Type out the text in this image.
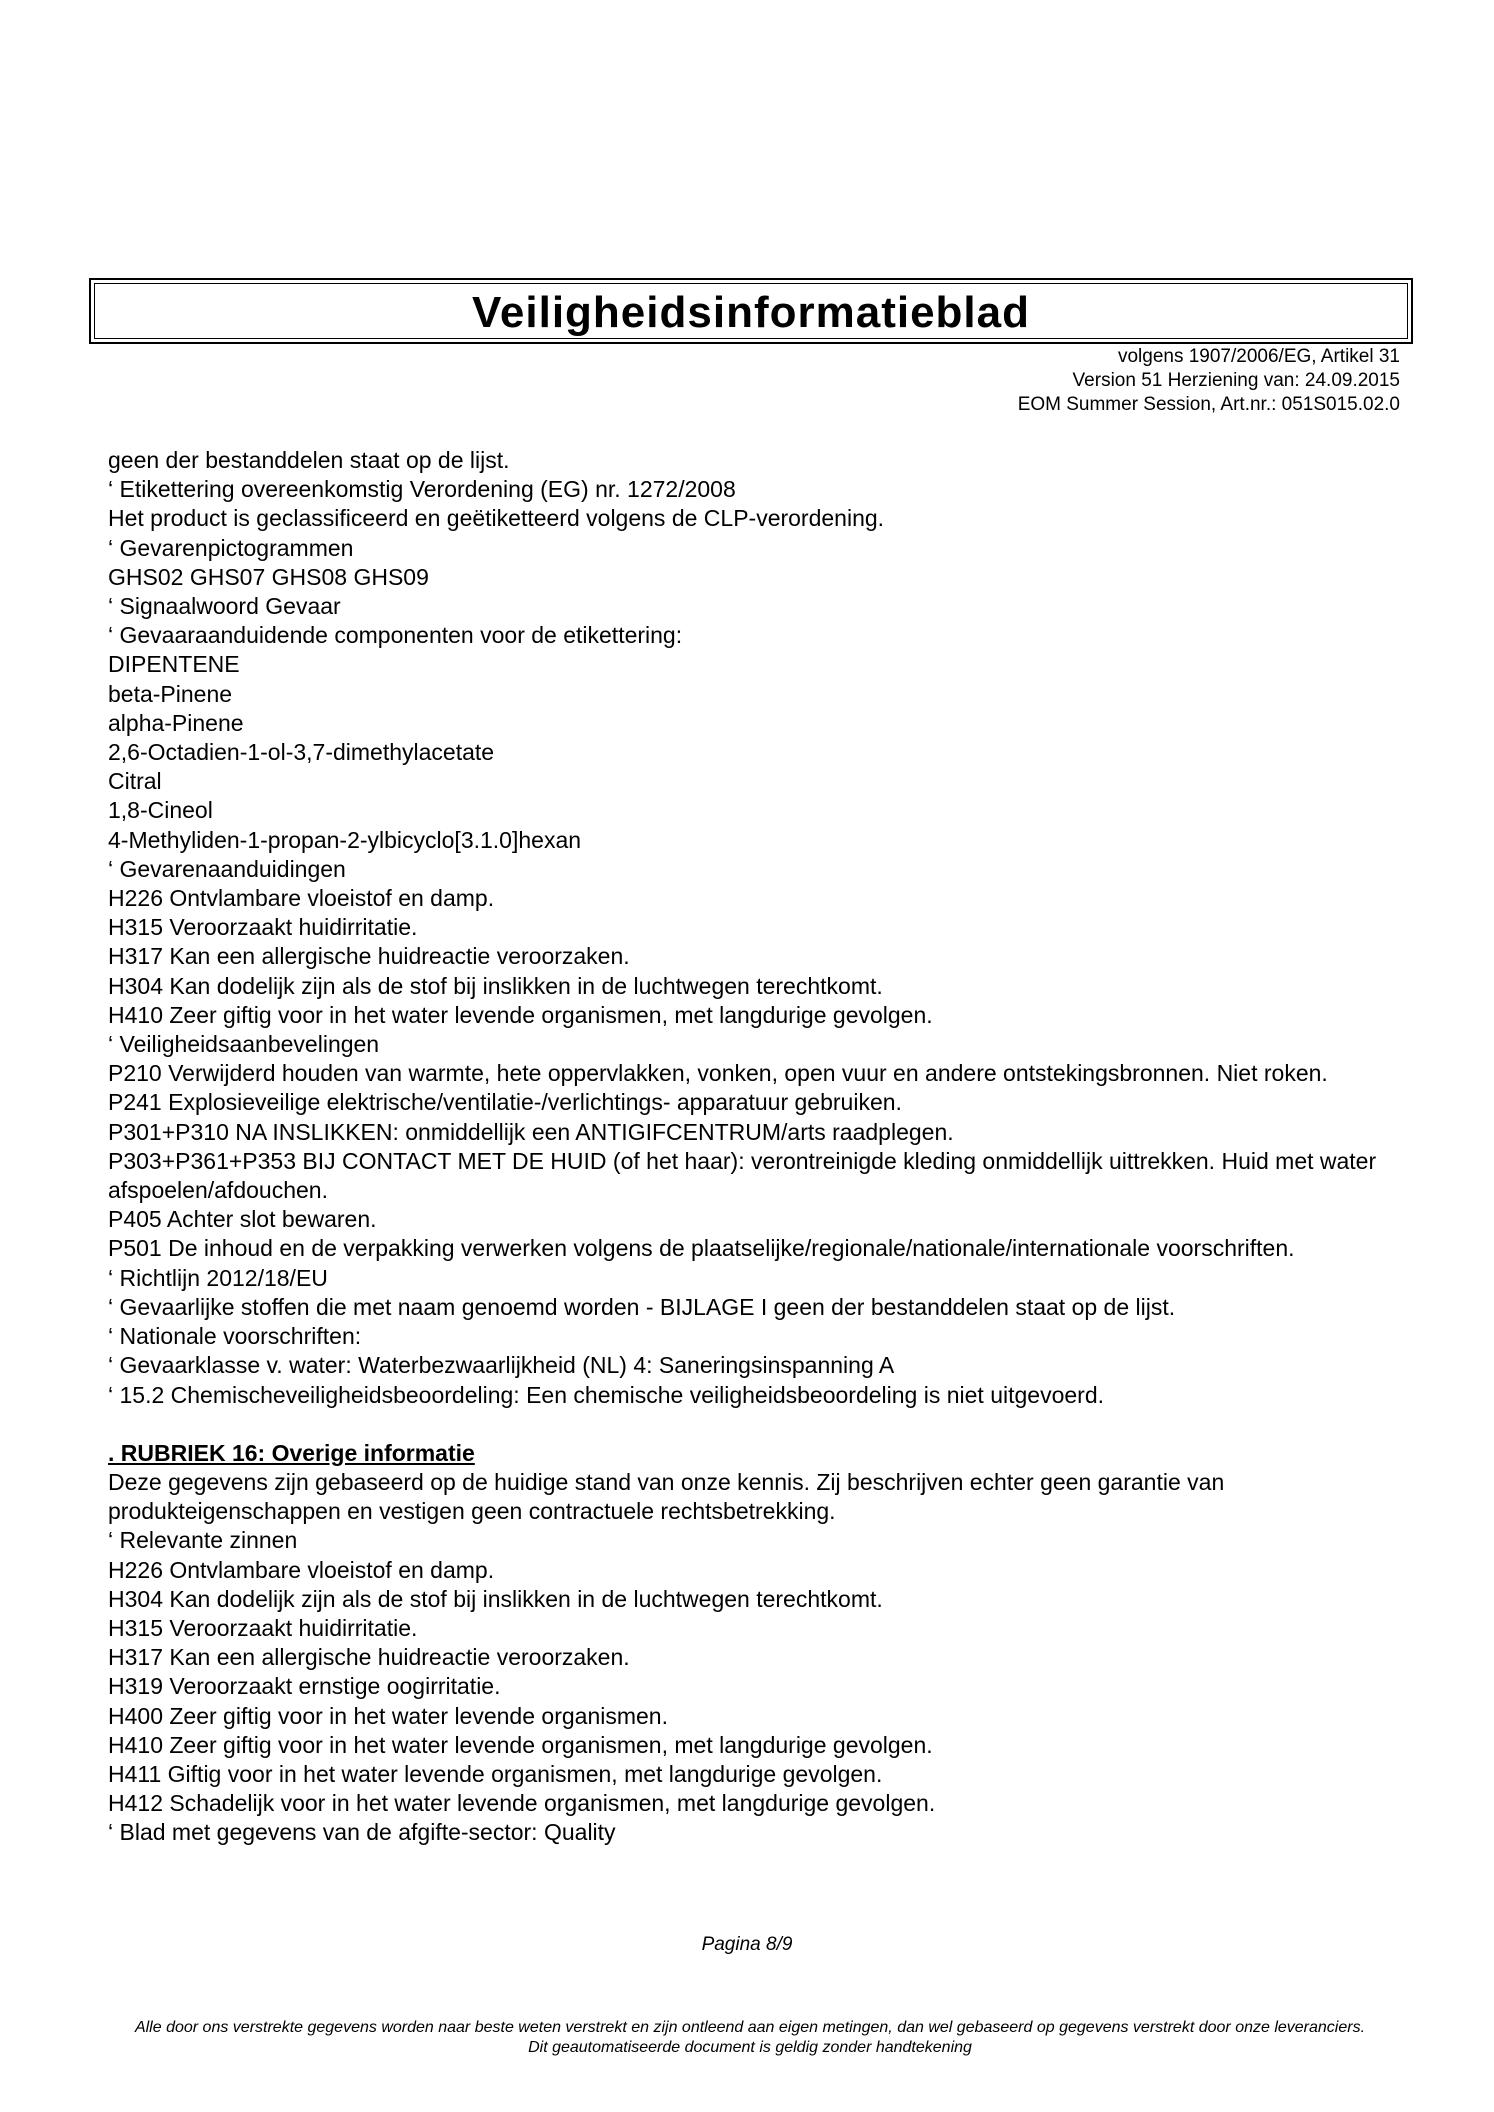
Veiligheidsinformatieblad
volgens 1907/2006/EG, Artikel 31
Version 51 Herziening van: 24.09.2015
EOM Summer Session, Art.nr.: 051S015.02.0
geen der bestanddelen staat op de lijst.
‘ Etikettering overeenkomstig Verordening (EG) nr. 1272/2008
Het product is geclassificeerd en geëtiketteerd volgens de CLP-verordening.
‘ Gevarenpictogrammen
GHS02 GHS07 GHS08 GHS09
‘ Signaalwoord Gevaar
‘ Gevaaraanduidende componenten voor de etikettering:
DIPENTENE
beta-Pinene
alpha-Pinene
2,6-Octadien-1-ol-3,7-dimethylacetate
Citral
1,8-Cineol
4-Methyliden-1-propan-2-ylbicyclo[3.1.0]hexan
‘ Gevarenaanduidingen
H226 Ontvlambare vloeistof en damp.
H315 Veroorzaakt huidirritatie.
H317 Kan een allergische huidreactie veroorzaken.
H304 Kan dodelijk zijn als de stof bij inslikken in de luchtwegen terechtkomt.
H410 Zeer giftig voor in het water levende organismen, met langdurige gevolgen.
‘ Veiligheidsaanbevelingen
P210 Verwijderd houden van warmte, hete oppervlakken, vonken, open vuur en andere ontstekingsbronnen. Niet roken.
P241 Explosieveilige elektrische/ventilatie-/verlichtings- apparatuur gebruiken.
P301+P310 NA INSLIKKEN: onmiddellijk een ANTIGIFCENTRUM/arts raadplegen.
P303+P361+P353 BIJ CONTACT MET DE HUID (of het haar): verontreinigde kleding onmiddellijk uittrekken. Huid met water afspoelen/afdouchen.
P405 Achter slot bewaren.
P501 De inhoud en de verpakking verwerken volgens de plaatselijke/regionale/nationale/internationale voorschriften.
‘ Richtlijn 2012/18/EU
‘ Gevaarlijke stoffen die met naam genoemd worden - BIJLAGE I geen der bestanddelen staat op de lijst.
‘ Nationale voorschriften:
‘ Gevaarklasse v. water: Waterbezwaarlijkheid (NL) 4: Saneringsinspanning A
‘ 15.2 Chemischeveiligheidsbeoordeling: Een chemische veiligheidsbeoordeling is niet uitgevoerd.
. RUBRIEK 16: Overige informatie
Deze gegevens zijn gebaseerd op de huidige stand van onze kennis. Zij beschrijven echter geen garantie van produkteigenschappen en vestigen geen contractuele rechtsbetrekking.
‘ Relevante zinnen
H226 Ontvlambare vloeistof en damp.
H304 Kan dodelijk zijn als de stof bij inslikken in de luchtwegen terechtkomt.
H315 Veroorzaakt huidirritatie.
H317 Kan een allergische huidreactie veroorzaken.
H319 Veroorzaakt ernstige oogirritatie.
H400 Zeer giftig voor in het water levende organismen.
H410 Zeer giftig voor in het water levende organismen, met langdurige gevolgen.
H411 Giftig voor in het water levende organismen, met langdurige gevolgen.
H412 Schadelijk voor in het water levende organismen, met langdurige gevolgen.
‘ Blad met gegevens van de afgifte-sector: Quality
Pagina 8/9
Alle door ons verstrekte gegevens worden naar beste weten verstrekt en zijn ontleend aan eigen metingen, dan wel gebaseerd op gegevens verstrekt door onze leveranciers.
Dit geautomatiseerde document is geldig zonder handtekening
